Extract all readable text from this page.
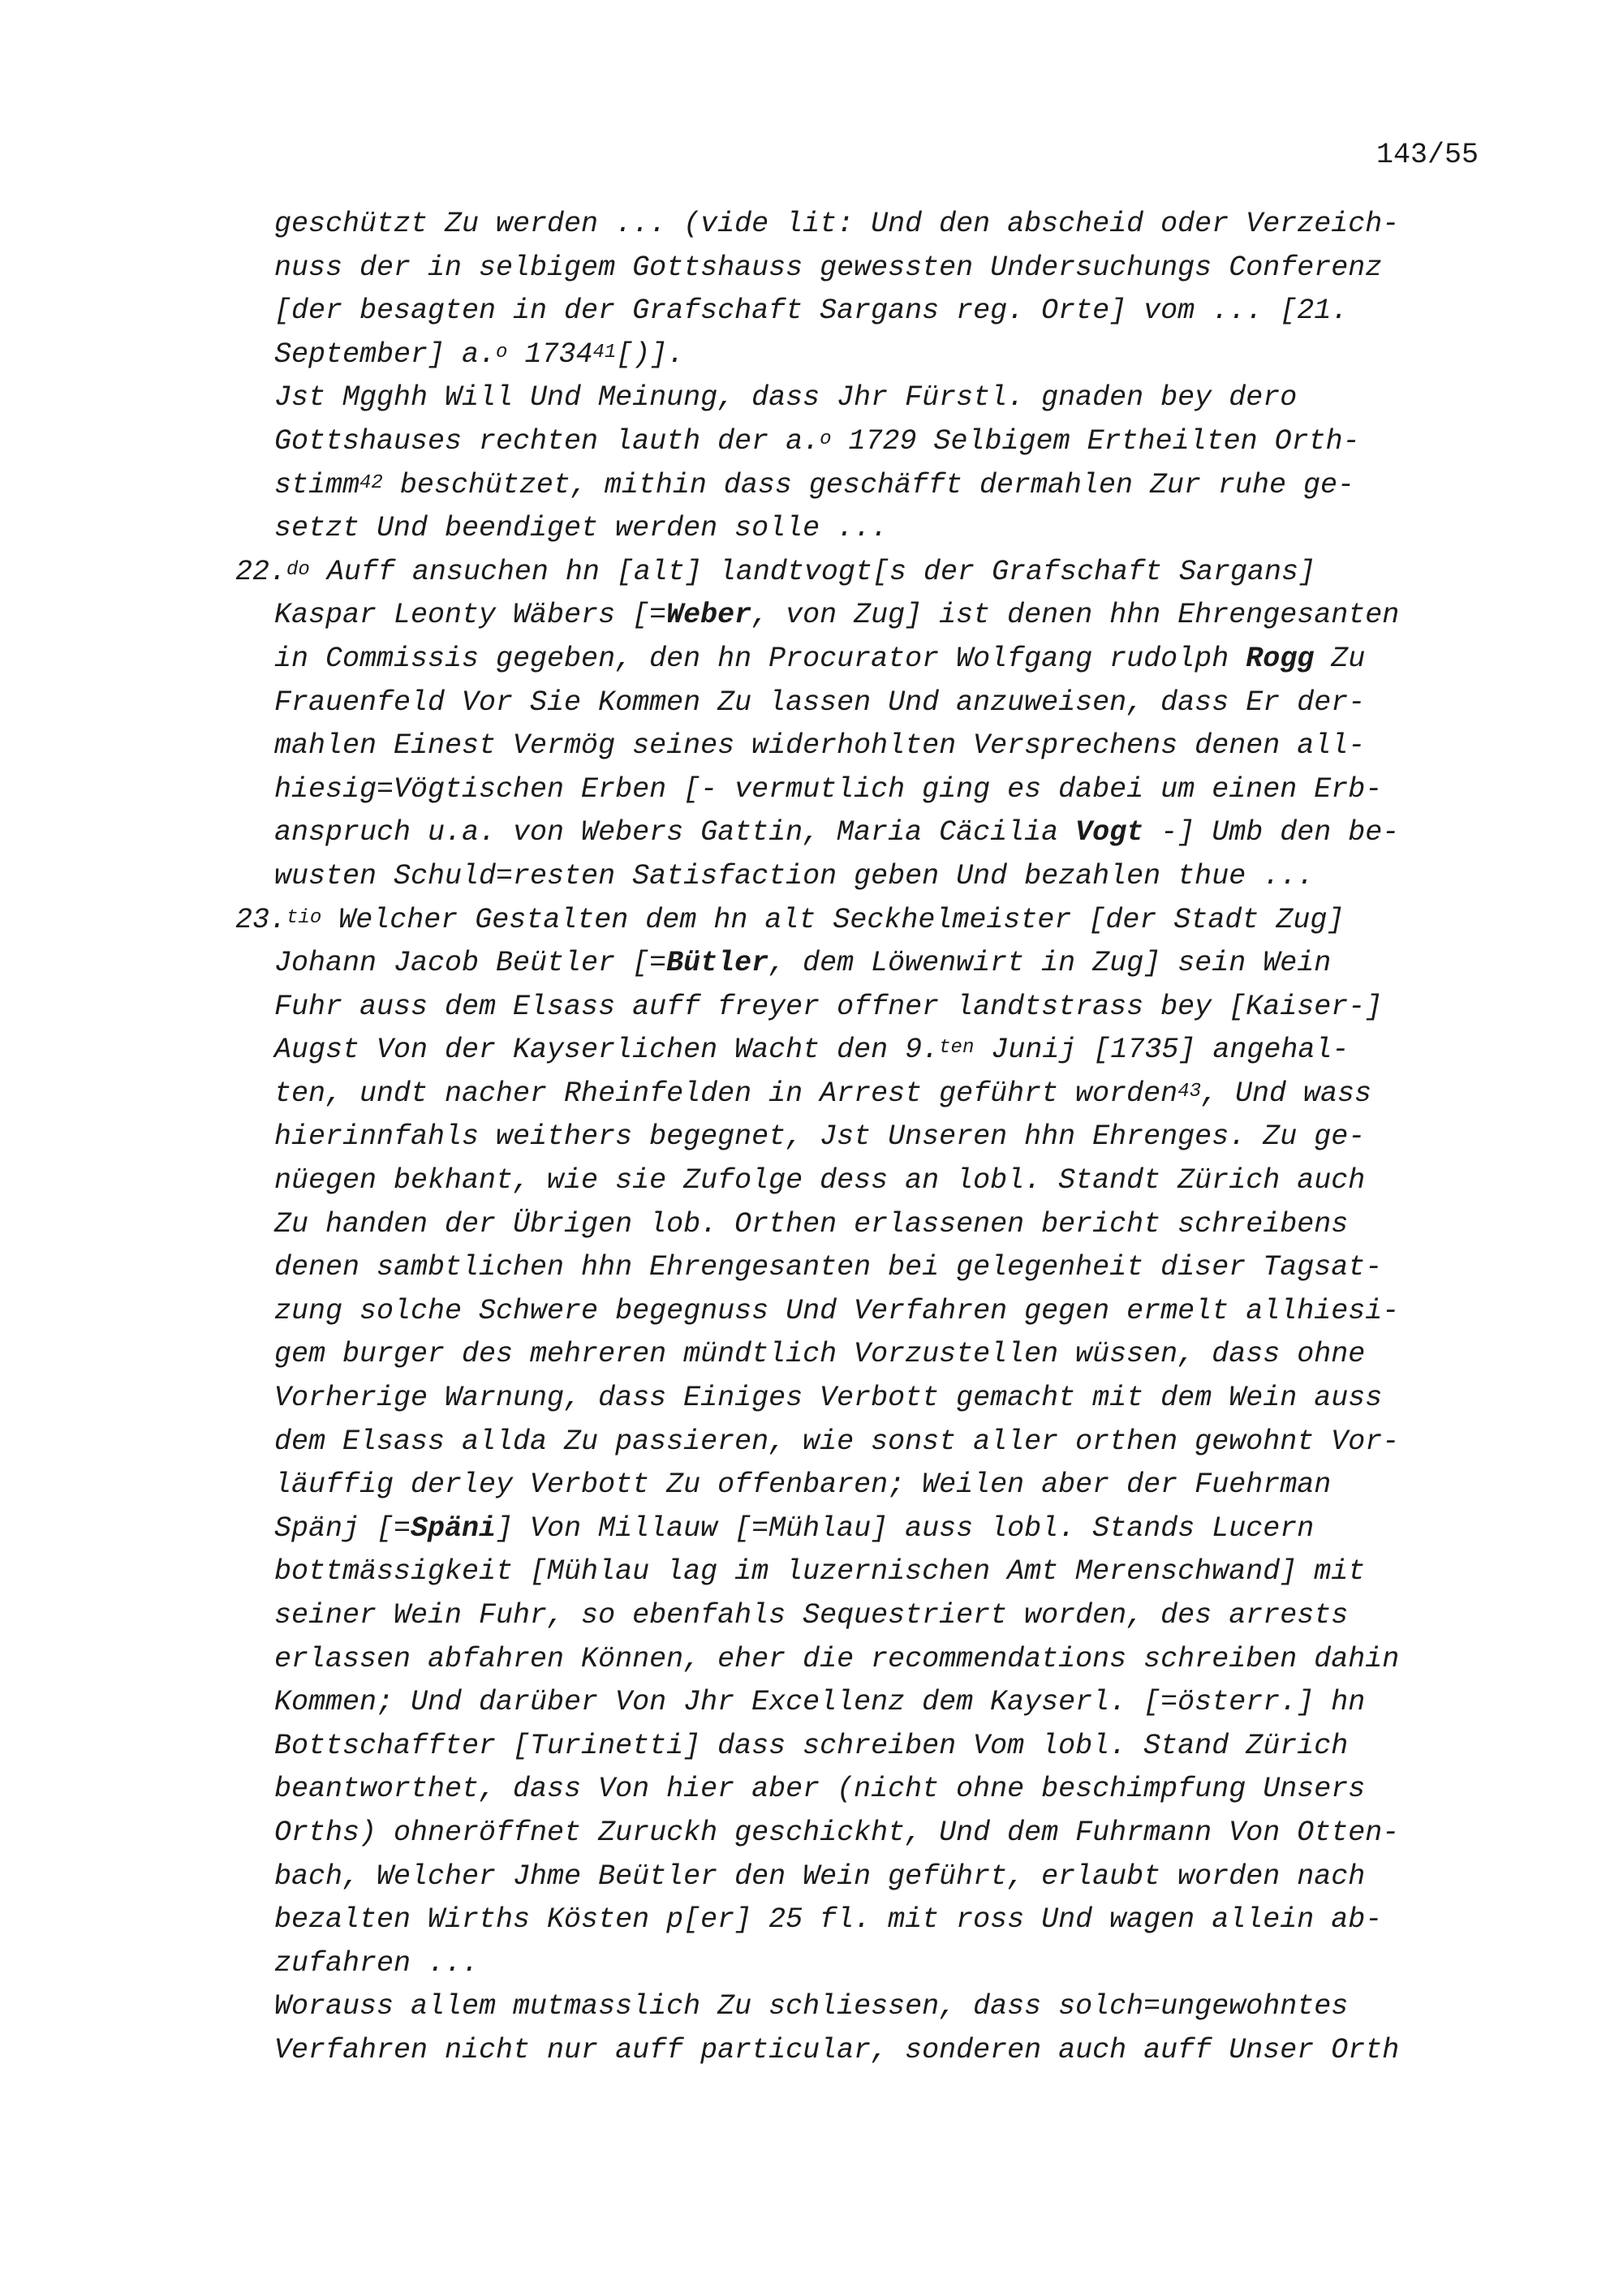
143/55
geschützt Zu werden ... (vide lit: Und den abscheid oder Verzeich-
nuss der in selbigem Gottshauss gewessten Undersuchungs Conferenz
[der besagten in der Grafschaft Sargans reg. Orte] vom ... [21.
September] a.$^o$ 1734$^{41}$[)].
Jst Mgghh Will Und Meinung, dass Jhr Fürstl. gnaden bey dero
Gottshauses rechten lauth der a.$^o$ 1729 Selbigem Ertheilten Orth-
stimm$^{42}$ beschützet, mithin dass geschäfft dermahlen Zur ruhe ge-
setzt Und beendiget werden solle ...
22.$^{do}$ Auff ansuchen hn [alt] landtvogt[s der Grafschaft Sargans]
Kaspar Leonty Wäbers [=Weber, von Zug] ist denen hhn Ehrengesanten
in Commissis gegeben, den hn Procurator Wolfgang rudolph Rogg Zu
Frauenfeld Vor Sie Kommen Zu lassen Und anzuweisen, dass Er der-
mahlen Einest Vermög seines widerhohlten Versprechens denen all-
hiesig=Vögtischen Erben [- vermutlich ging es dabei um einen Erb-
anspruch u.a. von Webers Gattin, Maria Cäcilia Vogt -] Umb den be-
wusten Schuld=resten Satisfaction geben Und bezahlen thue ...
23.$^{tio}$ Welcher Gestalten dem hn alt Seckhelmeister [der Stadt Zug]
Johann Jacob Beütler [=Bütler, dem Löwenwirt in Zug] sein Wein
Fuhr auss dem Elsass auff freyer offner landtstrass bey [Kaiser-]
Augst Von der Kayserlichen Wacht den 9.$^{ten}$ Junij [1735] angehal-
ten, undt nacher Rheinfelden in Arrest geführt worden$^{43}$, Und wass
hierinnfahls weithers begegnet, Jst Unseren hhn Ehrenges. Zu ge-
nüegen bekhant, wie sie Zufolge dess an lobl. Standt Zürich auch
Zu handen der Übrigen lob. Orthen erlassenen bericht schreibens
denen sambtlichen hhn Ehrengesanten bei gelegenheit diser Tagsat-
zung solche Schwere begegnuss Und Verfahren gegen ermelt allhiesi-
gem burger des mehreren mündtlich Vorzustellen wüssen, dass ohne
Vorherige Warnung, dass Einiges Verbott gemacht mit dem Wein auss
dem Elsass allda Zu passieren, wie sonst aller orthen gewohnt Vor-
läuffig derley Verbott Zu offenbaren; Weilen aber der Fuehrman
Spänj [=Späni] Von Millauw [=Mühlau] auss lobl. Stands Lucern
bottmässigkeit [Mühlau lag im luzernischen Amt Merenschwand] mit
seiner Wein Fuhr, so ebenfahls Sequestriert worden, des arrests
erlassen abfahren Können, eher die recommendations schreiben dahin
Kommen; Und darüber Von Jhr Excellenz dem Kayserl. [=österr.] hn
Bottschaffter [Turinetti] dass schreiben Vom lobl. Stand Zürich
beantworthet, dass Von hier aber (nicht ohne beschimpfung Unsers
Orths) ohneröffnet Zuruckh geschickht, Und dem Fuhrmann Von Otten-
bach, Welcher Jhme Beütler den Wein geführt, erlaubt worden nach
bezalten Wirths Kösten p[er] 25 fl. mit ross Und wagen allein ab-
zufahren ...
Worauss allem mutmasslich Zu schliessen, dass solch=ungewohntes
Verfahren nicht nur auff particular, sonderen auch auff Unser Orth
